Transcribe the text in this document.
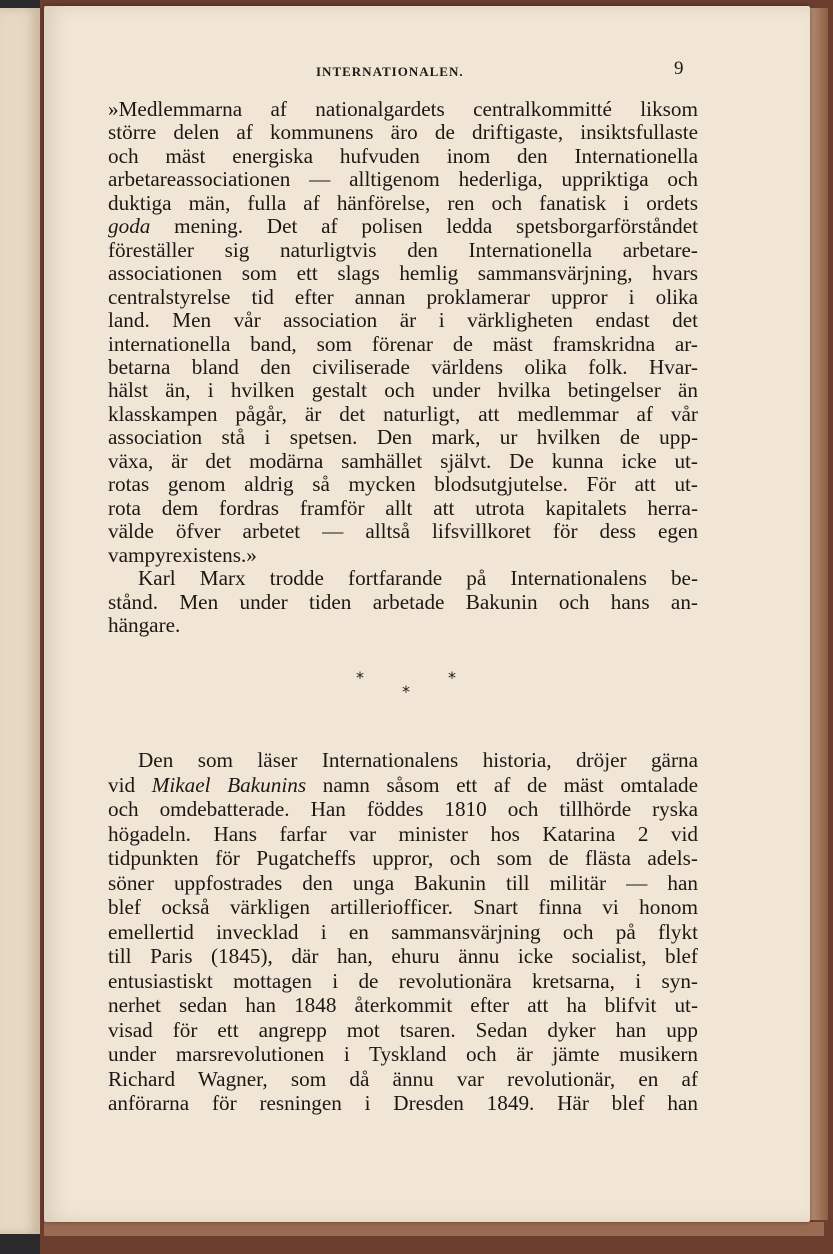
INTERNATIONALEN.	9
»Medlemmarna af nationalgardets centralkommitté liksom
större delen af kommunens äro de driftigaste, insiktsfullaste
och mäst energiska hufvuden inom den Internationella
arbetareassociationen — alltigenom hederliga, uppriktiga och
duktiga män, fulla af hänförelse, ren och fanatisk i ordets
goda mening. Det af polisen ledda spetsborgarförståndet
föreställer sig naturligtvis den Internationella arbetare-
associationen som ett slags hemlig sammansvärjning, hvars
centralstyrelse tid efter annan proklamerar uppror i olika
land. Men vår association är i värkligheten endast det
internationella band, som förenar de mäst framskridna ar-
betarna bland den civiliserade världens olika folk. Hvar-
hälst än, i hvilken gestalt och under hvilka betingelser än
klasskampen pågår, är det naturligt, att medlemmar af vår
association stå i spetsen. Den mark, ur hvilken de upp-
växa, är det modärna samhället självt. De kunna icke ut-
rotas genom aldrig så mycken blodsutgjutelse. För att ut-
rota dem fordras framför allt att utrota kapitalets herra-
välde öfver arbetet — alltså lifsvillkoret för dess egen
vampyrexistens.»
Karl Marx trodde fortfarande på Internationalens be-
stånd. Men under tiden arbetade Bakunin och hans an-
hängare.
*	*
*
Den som läser Internationalens historia, dröjer gärna
vid Mikael Bakunins namn såsom ett af de mäst omtalade
och omdebatterade. Han föddes 1810 och tillhörde ryska
högadeln. Hans farfar var minister hos Katarina 2 vid
tidpunkten för Pugatcheffs uppror, och som de flästa adels-
söner uppfostrades den unga Bakunin till militär — han
blef också värkligen artilleriofficer. Snart finna vi honom
emellertid invecklad i en sammansvärjning och på flykt
till Paris (1845), där han, ehuru ännu icke socialist, blef
entusiastiskt mottagen i de revolutionära kretsarna, i syn-
nerhet sedan han 1848 återkommit efter att ha blifvit ut-
visad för ett angrepp mot tsaren. Sedan dyker han upp
under marsrevolutionen i Tyskland och är jämte musikern
Richard Wagner, som då ännu var revolutionär, en af
anförarna för resningen i Dresden 1849. Här blef han
